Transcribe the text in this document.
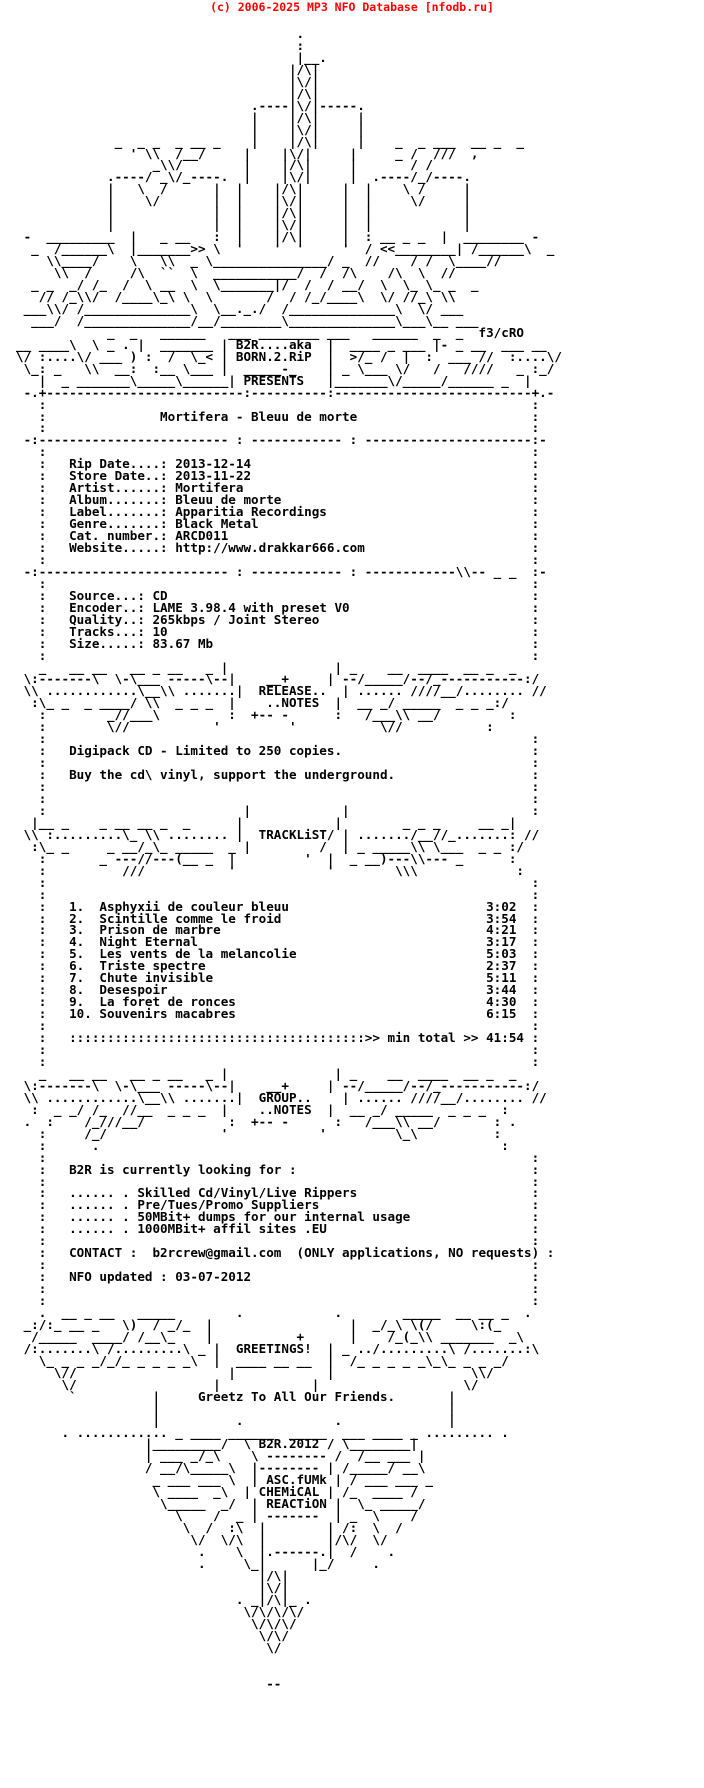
(c) 2006-2025 MP3 NFO Database [nfodb.ru]
.
:
|__.
|/\|
|\/|
|/\|
.----|\/|-----.
|    |/\|     |
|    |\/|     |
_  _ _  _ __ _    |    |/\|     |    _  _ ___  __ _  _
' \\  /__/     |    |\/|     |     _ /  ///  ,
_\\/        |    |/\|     |       / /
.----/ _\/_----.  |    |\/|     |  .----/_/----.
|   \  /      |  |    |/\|     |  |    \ /     |
|    \/       |  |    |\/|     |  |     \/     |
|             |  |    |/\|     |  |            |
|             |  |    |\/|     |  |            |
-  _________  |   _ __   :  |    |/\|     |  : __ _ _  |  ________ -
_  /______\  |_______>> \  '    '  '     '  / <<________| /______\  _
\\____/    \   \\  _ \_______________/ _  //    / /  \____//
\\  /     /\  ``  \  ___________/  /  /\    /\  \  //
_ _  _/ /_  /  \ __  \  \_______|/  /  / __/  \  \_ \_ _  _
// /_\\/  /____\_\ \  \       /  / /_/____\  \/ //_\ \\
___\\/ /______________\  \__._./  /______________\  \/ ___
___/  /______________/__/________\______________\___\__ ___
_  _   ______   ___ ________ ___   ______  _  _  f3/cRO
__ ____\  \ _ . |  _______ | B2R....aka  |  ____ _ ___ |- _ __  ___ __
\/ :....\/ ___ ) :  /  \_< | BORN.2.RiP  |  >/_ /  |  :  ___ //  :....\/
\_: _   \\  __:  :__ \___ |  _____-_    | _ \___ \/   /   ////   _ :_/
|  _ _______\_____\______| PRESENTS   |_______\/_____/______ _  |
-.+--------------------------:----------:--------------------------+.-
:                                                                :
:               Mortifera - Bleuu de morte                       :
:                                                                :
-:------------------------- : ------------ : ----------------------:-
:                                                                :
:   Rip Date....: 2013-12-14                                     :
:   Store Date..: 2013-11-22                                     :
:   Artist......: Mortifera                                      :
:   Album.......: Bleuu de morte                                 :
:   Label.......: Apparitia Recordings                           :
:   Genre.......: Black Metal                                    :
:   Cat. number.: ARCD011                                        :
:   Website.....: http://www.drakkar666.com                      :
:                                                                :
-:------------------------- : ------------ : ------------\\-- _ _  :-
:                                                                :
:   Source...: CD                                                :
:   Encoder..: LAME 3.98.4 with preset V0                        :
:   Quality..: 265kbps / Joint Stereo                            :
:   Tracks...: 10                                                :
:   Size.....: 83.67 Mb                                          :
:                                                                :
_   __ __   __ _ __   _ |              | _    __  ____  __ _  _
\:-------\  \-\___ -----\--|    __+     | --/_____/--/_-----------:/
\\ ............\__\\ .......|  RELEASE..  | ...... ////__/........ //
:\_ _  _ ____/ \\  _ _ _  |    ..NOTES  |  __ _/ _____  _ _ _:/
:        _//___\         :  +-- -      :   /___\\ __/         :
:        \//           '         '           \//           :
:                                                                :
:   Digipack CD - Limited to 250 copies.                         :
:                                                                :
:   Buy the cd\ vinyl, support the underground.                  :
:                                                                :
:                                                                :
:                          |            |                        :
|__ _    _ __ __ _  _      |            |        _ _ _     __ _|
\\ :.........\_ \\ ........ |  TRACKLiST/ | ......./__//_.......: //
:\_ _     _ __/_\_ _____  _ |         /  | _ _____\\ \___  _ _ :/
:       _ ---//---(__ _  |         '  |  _ __)---\\--- _      :
:          ///           '            '        \\\             :
:                                                                :
:                                                                :
:   1.  Asphyxii de couleur bleuu                          3:02  :
:   2.  Scintille comme le froid                           3:54  :
:   3.  Prison de marbre                                   4:21  :
:   4.  Night Eternal                                      3:17  :
:   5.  Les vents de la melancolie                         5:03  :
:   6.  Triste spectre                                     2:37  :
:   7.  Chute invisible                                    5:11  :
:   8.  Desespoir                                          3:44  :
:   9.  La foret de ronces                                 4:30  :
:   10. Souvenirs macabres                                 6:15  :
:                                                                :
:   :::::::::::::::::::::::::::::::::::::::>> min total >> 41:54 :
:                                                                :
:                                                                :
_   __ __   __ _ __   _ |              | _    __  ____  __ _  _
\:-------\  \-\___ -----\--|    __+     | --/_____/--/_-----------:/
\\ ............\__\\ .......|  GROUP..    | ...... ////__/........ //
:  _ _/ /_  //__  _ _ _  |    ..NOTES  |  __ _/ _____  _ _ _  :
.  :    /_///__/           :  +-- -      :   /___\\ __/       : .
:     /_/               '            '         \_\          :
:      .                                                     :
:                                                                :
:   B2R is currently looking for :                               :
:                                                                :
:   ...... . Skilled Cd/Vinyl/Live Rippers                       :
:   ...... . Pre/Tues/Promo Suppliers                            :
:   ...... . 50MBit+ dumps for our internal usage                :
:   ...... . 1000MBit+ affil sites .EU                           :
:                                                                :
:   CONTACT :  b2rcrew@gmail.com  (ONLY applications, NO requests) :
:                                                                :
:   NFO updated : 03-07-2012                                     :
:                                                                :
:                                                                :
.  __ _ __   _____        .            .        _____  __ __ _  .
_:/:_ __ _   \)  / _/_  |                  |  _/_\ \(/     \:(_
/_____  ____/ /__\_    |           +      |    /_(_\\ _______  _\
/:.......\ /.........\ _ |  GREETINGS!  | _ ../.........\ /.......:\
\_ _ _ _/_/_ _ _ _ _\  |  ____ __ __  |  /_ _ _ _ _\_\_ _ _ _/
\//                    |            |                  \\/
\/                  |            |                   \/
`          |     Greetz To All Our Friends.       |
|                                      |
|          .            .              |
. ............ _ ____ ______  _____  ___ ____ _ ......... .
|_________/  \ B2R.2012 / \________|
| ___ _/_\    \ -------- /  /__ ___ |
/ __/\_____\  |-------- | /_____/ __\
_ ___ ___ \  | ASC.fUMk | / ___ ___ _
\ ____  _\  | CHEMiCAL | /_  ____ /
\_____  _/  | REACTiON |  \_ _____/
\    /  _ | -------  | _  \    /
\  /  :\  |        | /:  \  /
\/  \/\  |        |/\/  \/
.    \  |.------.|  /    .
.     \_|      |_/     .
|/\|
|\/|
. _|/\|_ .
\/\/\/\/
\/\/\/
\/\/
\/

--
